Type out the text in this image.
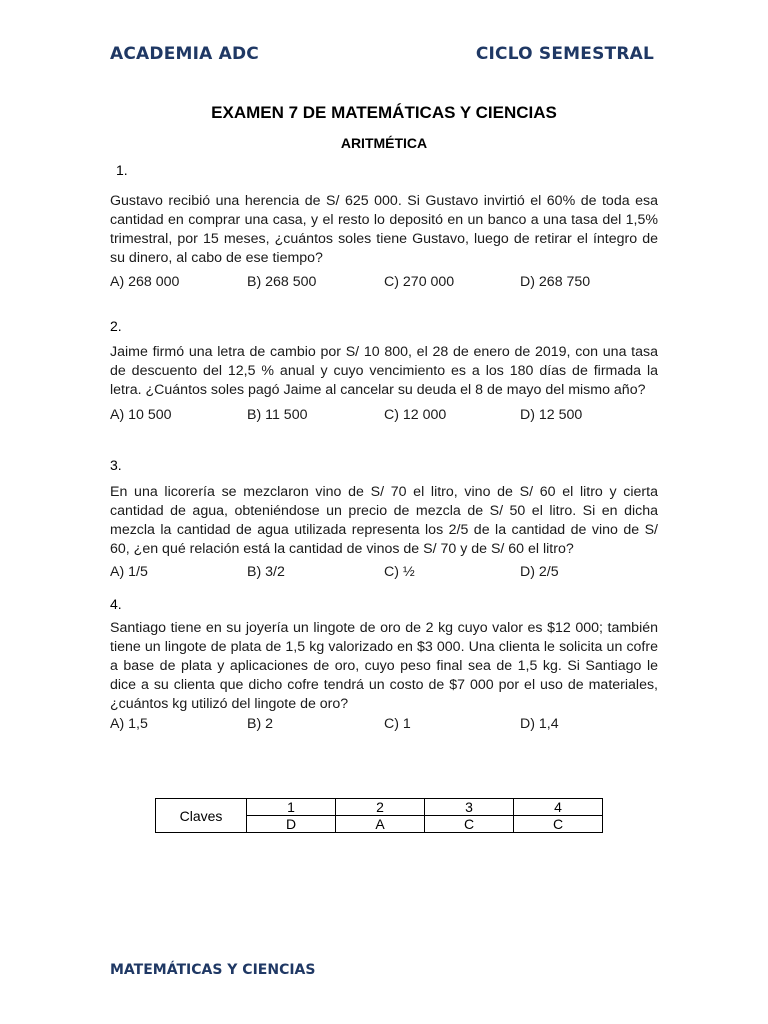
ACADEMIA ADC	CICLO SEMESTRAL
EXAMEN 7 DE MATEMÁTICAS Y CIENCIAS
ARITMÉTICA
1.
Gustavo recibió una herencia de S/ 625 000. Si Gustavo invirtió el 60% de toda esa cantidad en comprar una casa, y el resto lo depositó en un banco a una tasa del 1,5% trimestral, por 15 meses, ¿cuántos soles tiene Gustavo, luego de retirar el íntegro de su dinero, al cabo de ese tiempo?
A) 268 000	B) 268 500	C) 270 000	D) 268 750
2.
Jaime firmó una letra de cambio por S/ 10 800, el 28 de enero de 2019, con una tasa de descuento del 12,5 % anual y cuyo vencimiento es a los 180 días de firmada la letra. ¿Cuántos soles pagó Jaime al cancelar su deuda el 8 de mayo del mismo año?
A) 10 500	B) 11 500	C) 12 000	D) 12 500
3.
En una licorería se mezclaron vino de S/ 70 el litro, vino de S/ 60 el litro y cierta cantidad de agua, obteniéndose un precio de mezcla de S/ 50 el litro. Si en dicha mezcla la cantidad de agua utilizada representa los 2/5 de la cantidad de vino de S/ 60, ¿en qué relación está la cantidad de vinos de S/ 70 y de S/ 60 el litro?
A) 1/5	B) 3/2	C) ½	D) 2/5
4.
Santiago tiene en su joyería un lingote de oro de 2 kg cuyo valor es $12 000; también tiene un lingote de plata de 1,5 kg valorizado en $3 000. Una clienta le solicita un cofre a base de plata y aplicaciones de oro, cuyo peso final sea de 1,5 kg. Si Santiago le dice a su clienta que dicho cofre tendrá un costo de $7 000 por el uso de materiales, ¿cuántos kg utilizó del lingote de oro?
A) 1,5	B) 2	C) 1	D) 1,4
Claves	1	2	3	4
	D	A	C	C
MATEMÁTICAS Y CIENCIAS
